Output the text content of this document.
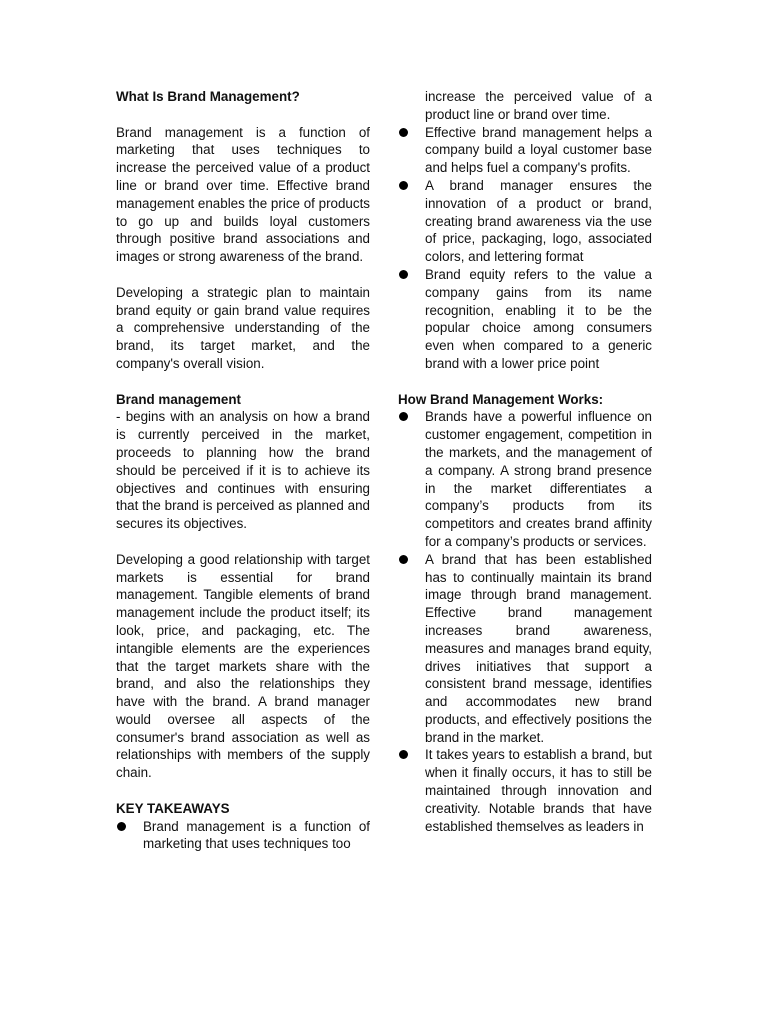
What Is Brand Management?

Brand management is a function of marketing that uses techniques to increase the perceived value of a product line or brand over time. Effective brand management enables the price of products to go up and builds loyal customers through positive brand associations and images or strong awareness of the brand.

Developing a strategic plan to maintain brand equity or gain brand value requires a comprehensive understanding of the brand, its target market, and the company's overall vision.

Brand management

- begins with an analysis on how a brand is currently perceived in the market, proceeds to planning how the brand should be perceived if it is to achieve its objectives and continues with ensuring that the brand is perceived as planned and secures its objectives.

Developing a good relationship with target markets is essential for brand management. Tangible elements of brand management include the product itself; its look, price, and packaging, etc. The intangible elements are the experiences that the target markets share with the brand, and also the relationships they have with the brand. A brand manager would oversee all aspects of the consumer's brand association as well as relationships with members of the supply chain.

KEY TAKEAWAYS

Brand management is a function of marketing that uses techniques too

increase the perceived value of a product line or brand over time.

Effective brand management helps a company build a loyal customer base and helps fuel a company's profits.
A brand manager ensures the innovation of a product or brand, creating brand awareness via the use of price, packaging, logo, associated colors, and lettering format
Brand equity refers to the value a company gains from its name recognition, enabling it to be the popular choice among consumers even when compared to a generic brand with a lower price point

How Brand Management Works:

Brands have a powerful influence on customer engagement, competition in the markets, and the management of a company. A strong brand presence in the market differentiates a company’s products from its competitors and creates brand affinity for a company’s products or services.
A brand that has been established has to continually maintain its brand image through brand management. Effective brand management increases brand awareness, measures and manages brand equity, drives initiatives that support a consistent brand message, identifies and accommodates new brand products, and effectively positions the brand in the market.
It takes years to establish a brand, but when it finally occurs, it has to still be maintained through innovation and creativity. Notable brands that have established themselves as leaders in
